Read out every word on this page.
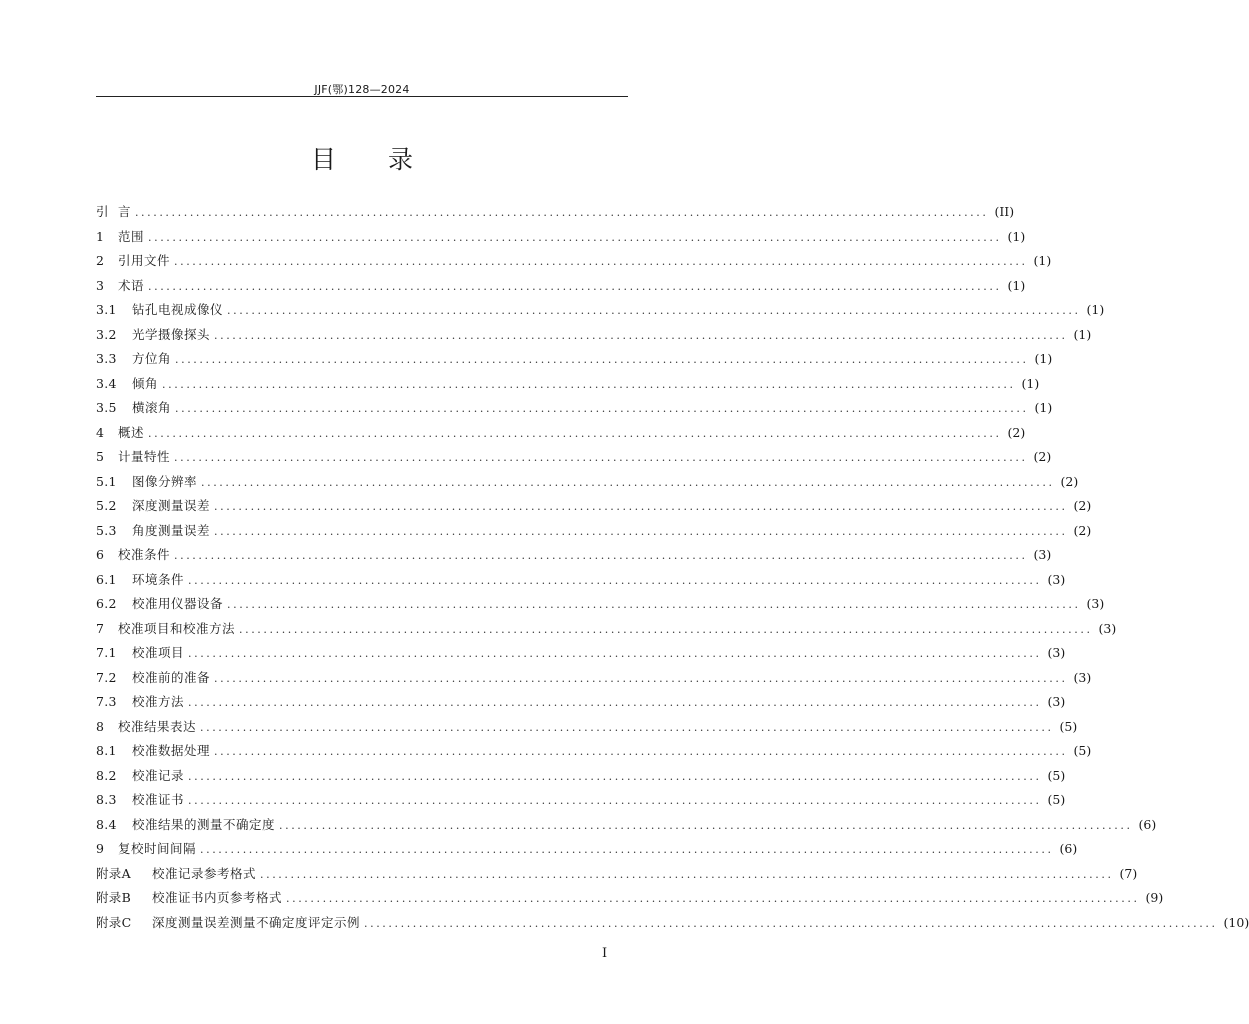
JJF(鄂)128—2024
目 录
引  言 ............................................................................................................................................ (II)
1	范围 ............................................................................................................................................ (1)
2	引用文件 ............................................................................................................................................ (1)
3	术语 ............................................................................................................................................ (1)
3.1	钻孔电视成像仪 ............................................................................................................................................ (1)
3.2	光学摄像探头 ............................................................................................................................................ (1)
3.3	方位角 ............................................................................................................................................ (1)
3.4	倾角 ............................................................................................................................................ (1)
3.5	横滚角 ............................................................................................................................................ (1)
4	概述 ............................................................................................................................................ (2)
5	计量特性 ............................................................................................................................................ (2)
5.1	图像分辨率 ............................................................................................................................................ (2)
5.2	深度测量误差 ............................................................................................................................................ (2)
5.3	角度测量误差 ............................................................................................................................................ (2)
6	校准条件 ............................................................................................................................................ (3)
6.1	环境条件 ............................................................................................................................................ (3)
6.2	校准用仪器设备 ............................................................................................................................................ (3)
7	校准项目和校准方法 ............................................................................................................................................ (3)
7.1	校准项目 ............................................................................................................................................ (3)
7.2	校准前的准备 ............................................................................................................................................ (3)
7.3	校准方法 ............................................................................................................................................ (3)
8	校准结果表达 ............................................................................................................................................ (5)
8.1	校准数据处理 ............................................................................................................................................ (5)
8.2	校准记录 ............................................................................................................................................ (5)
8.3	校准证书 ............................................................................................................................................ (5)
8.4	校准结果的测量不确定度 ............................................................................................................................................ (6)
9	复校时间间隔 ............................................................................................................................................ (6)
附录A	校准记录参考格式 ............................................................................................................................................ (7)
附录B	校准证书内页参考格式 ............................................................................................................................................ (9)
附录C	深度测量误差测量不确定度评定示例 ............................................................................................................................................ (10)
I
